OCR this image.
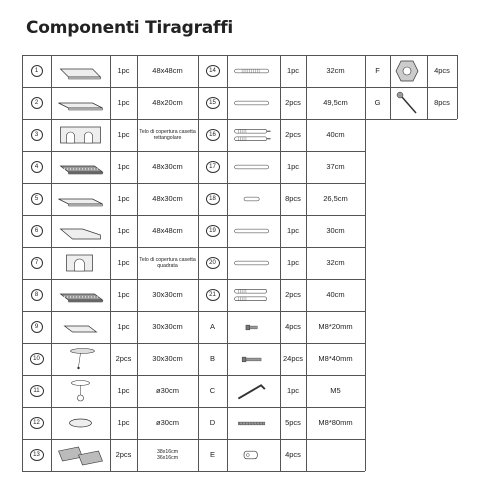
Componenti Tiragraffi
1	1pc	48x48cm
2	1pc	48x20cm
3	1pc	Telo di copertura casetta rettangolare
4	1pc	48x30cm
5	1pc	48x30cm
6	1pc	48x48cm
7	1pc	Telo di copertura casetta quadrata
8	1pc	30x30cm
9	1pc	30x30cm
10	2pcs	30x30cm
11	1pc	ø30cm
12	1pc	ø30cm
13	2pcs	38x16cm
36x16cm
14	1pc	32cm
15	2pcs	49,5cm
16	2pcs	40cm
17	1pc	37cm
18	8pcs	26,5cm
19	1pc	30cm
20	1pc	32cm
21	2pcs	40cm
A	4pcs M8*20mm
B	24pcs M8*40mm
C	1pc	M5
D	5pcs M8*80mm
E	4pcs
F	4pcs
G	8pcs
